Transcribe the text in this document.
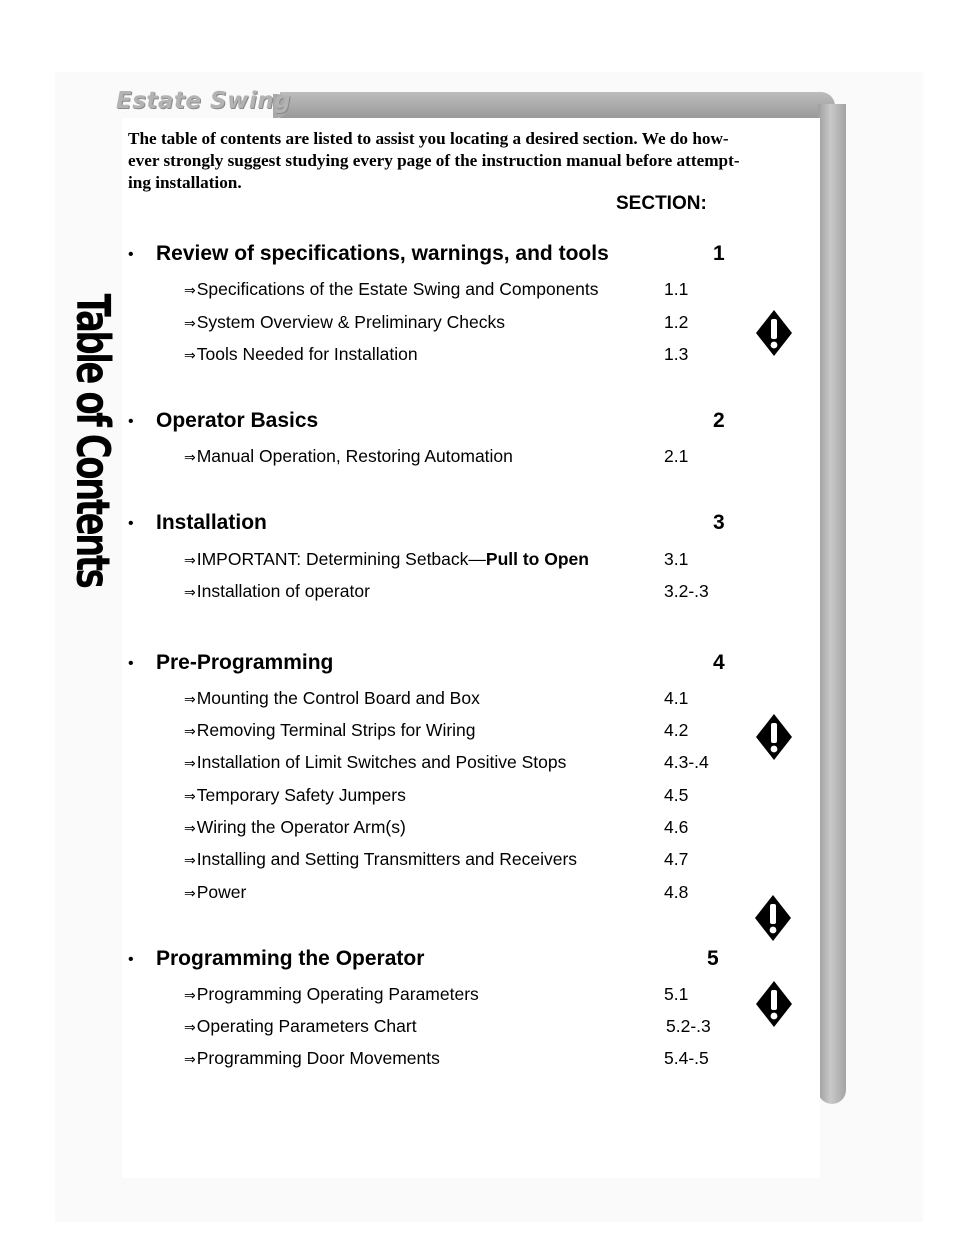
Estate Swing
Table of Contents
The table of contents are listed to assist you locating a desired section. We do how-
ever strongly suggest studying every page of the instruction manual before attempt-
ing installation.
SECTION:
• Review of specifications, warnings, and tools	1
⇒Specifications of the Estate Swing and Components	1.1
⇒System Overview & Preliminary Checks	1.2
⇒Tools Needed for Installation	1.3
• Operator Basics	2
⇒Manual Operation, Restoring Automation	2.1
• Installation	3
⇒IMPORTANT: Determining Setback—Pull to Open	3.1
⇒Installation of operator	3.2-.3
• Pre-Programming	4
⇒Mounting the Control Board and Box	4.1
⇒Removing Terminal Strips for Wiring	4.2
⇒Installation of Limit Switches and Positive Stops	4.3-.4
⇒Temporary Safety Jumpers	4.5
⇒Wiring the Operator Arm(s)	4.6
⇒Installing and Setting Transmitters and Receivers	4.7
⇒Power	4.8
• Programming the Operator	5
⇒Programming Operating Parameters	5.1
⇒Operating Parameters Chart	5.2-.3
⇒Programming Door Movements	5.4-.5
